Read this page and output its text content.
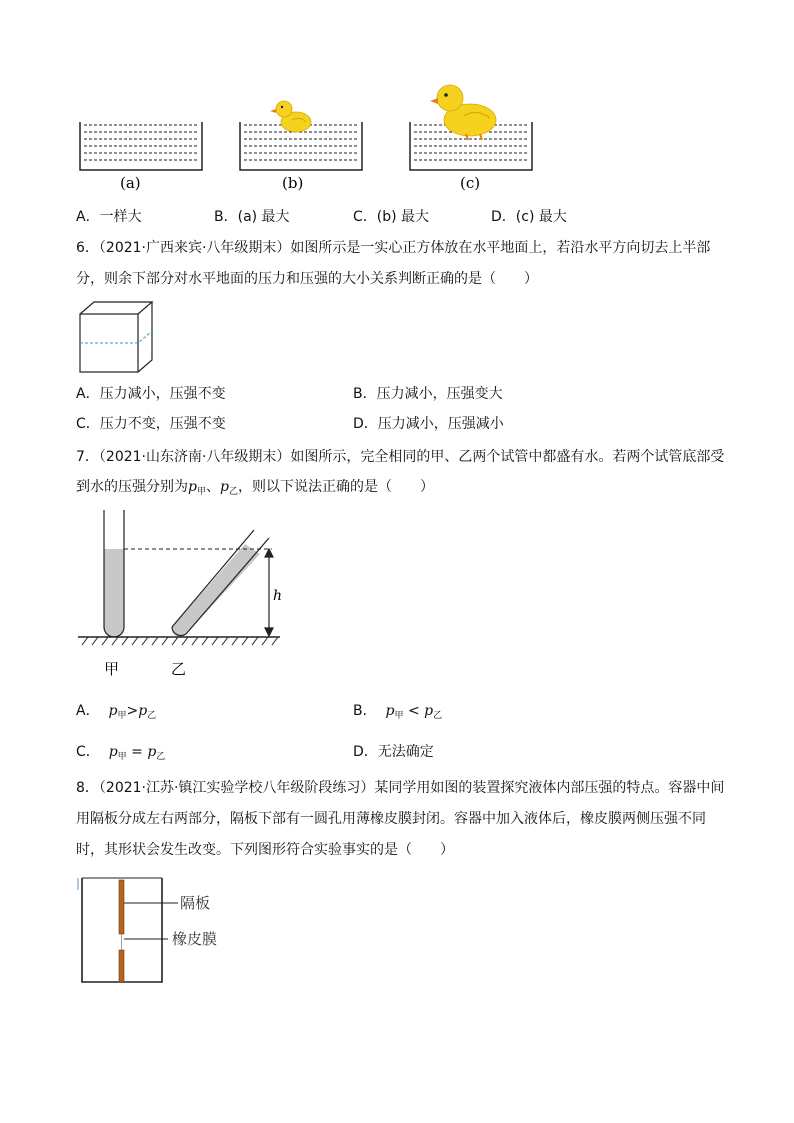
(a)	(b)	(c)
A．一样大	B．(a) 最大	C．(b) 最大	D．(c) 最大
6．（2021·广西来宾·八年级期末）如图所示是一实心正方体放在水平地面上，若沿水平方向切去上半部
分，则余下部分对水平地面的压力和压强的大小关系判断正确的是（　　）
A．压力减小，压强不变	B．压力减小，压强变大
C．压力不变，压强不变	D．压力减小，压强减小
7．（2021·山东济南·八年级期末）如图所示，完全相同的甲、乙两个试管中都盛有水。若两个试管底部受
到水的压强分别为$p_甲$、$p_乙$，则以下说法正确的是（　　）
h
甲	乙
A． $p_甲>p_乙$	B． $p_甲 < p_乙$
C． $p_甲 = p_乙$	D．无法确定
8．（2021·江苏·镇江实验学校八年级阶段练习）某同学用如图的装置探究液体内部压强的特点。容器中间
用隔板分成左右两部分，隔板下部有一圆孔用薄橡皮膜封闭。容器中加入液体后，橡皮膜两侧压强不同
时，其形状会发生改变。下列图形符合实验事实的是（　　）
隔板
橡皮膜
